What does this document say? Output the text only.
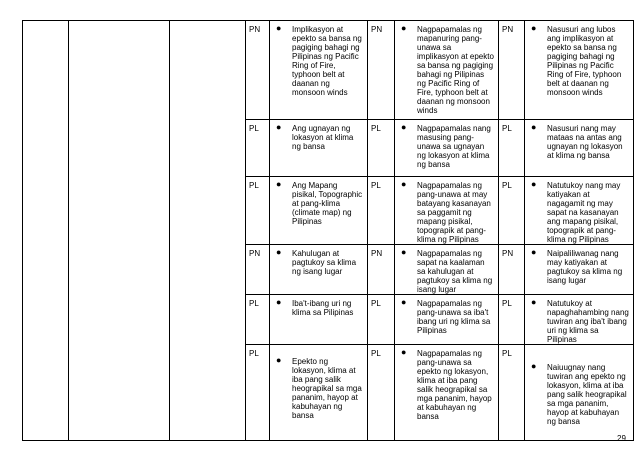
			PN	● Implikasyon at epekto sa bansa ng pagiging bahagi ng Pilipinas ng Pacific Ring of Fire, typhoon belt at daanan ng monsoon winds	PN	● Nagpapamalas ng mapanuring pang-unawa sa implikasyon at epekto sa bansa ng pagiging bahagi ng Pilipinas ng Pacific Ring of Fire, typhoon belt at daanan ng monsoon winds	PN	● Nasusuri ang lubos ang implikasyon at epekto sa bansa ng pagiging bahagi ng Pilipinas ng Pacific Ring of Fire, typhoon belt at daanan ng monsoon winds

			PL	● Ang ugnayan ng lokasyon at klima ng bansa	PL	● Nagpapamalas nang masusing pang-unawa sa ugnayan ng lokasyon at klima ng bansa	PL	● Nasusuri nang may mataas na antas ang ugnayan ng lokasyon at klima ng bansa

			PL	● Ang Mapang pisikal, Topographic at pang-klima (climate map) ng Pilipinas	PL	● Nagpapamalas ng pang-unawa at may batayang kasanayan sa paggamit ng mapang pisikal, topograpik at pang-klima ng Pilipinas	PL	● Natutukoy nang may katiyakan at nagagamit ng may sapat na kasanayan ang mapang pisikal, topograpik at pang-klima ng Pilipinas

			PN	● Kahulugan at pagtukoy sa klima ng isang lugar	PN	● Nagpapamalas ng sapat na kaalaman sa kahulugan at pagtukoy sa klima ng isang lugar	PN	● Naipaliliwanag nang may katiyakan at pagtukoy sa klima ng isang lugar

			PL	● Iba't-ibang uri ng klima sa Pilipinas	PL	● Nagpapamalas ng pang-unawa sa iba't ibang uri ng klima sa Pilipinas	PL	● Natutukoy at napaghahambing nang tuwiran ang iba't ibang uri ng klima sa Pilipinas

			PL	● Epekto ng lokasyon, klima at iba pang salik heograpikal sa mga pananim, hayop at kabuhayan ng bansa	PL	● Nagpapamalas ng pang-unawa sa epekto ng lokasyon, klima at iba pang salik heograpikal sa mga pananim, hayop at kabuhayan ng bansa	PL	● Naiuugnay nang tuwiran ang epekto ng lokasyon, klima at iba pang salik heograpikal sa mga pananim, hayop at kabuhayan ng bansa
29
